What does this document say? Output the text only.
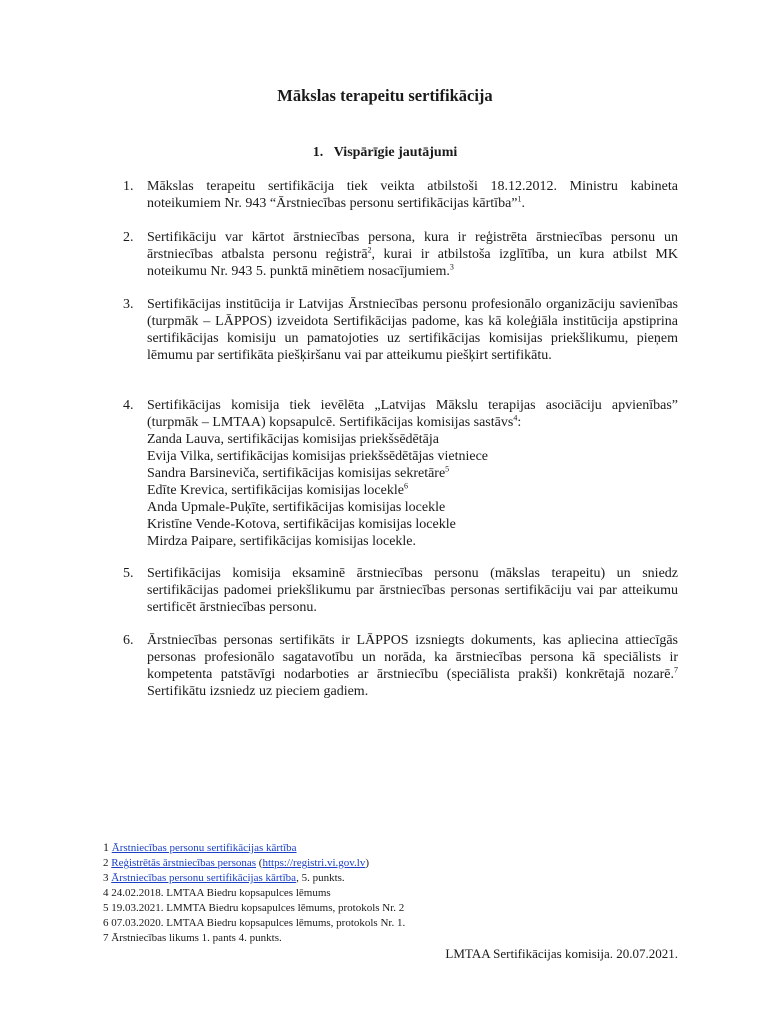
Mākslas terapeitu sertifikācija
1. Vispārīgie jautājumi
1. Mākslas terapeitu sertifikācija tiek veikta atbilstoši 18.12.2012. Ministru kabineta noteikumiem Nr. 943 “Ārstniecības personu sertifikācijas kārtība”$^1$.
2. Sertifikāciju var kārtot ārstniecības persona, kura ir reģistrēta ārstniecības personu un ārstniecības atbalsta personu reģistrā$^2$, kurai ir atbilstoša izglītība, un kura atbilst MK noteikumu Nr. 943 5. punktā minētiem nosacījumiem.$^3$
3. Sertifikācijas institūcija ir Latvijas Ārstniecības personu profesionālo organizāciju savienības (turpmāk – LĀPPOS) izveidota Sertifikācijas padome, kas kā koleģiāla institūcija apstiprina sertifikācijas komisiju un pamatojoties uz sertifikācijas komisijas priekšlikumu, pieņem lēmumu par sertifikāta piešķiršanu vai par atteikumu piešķirt sertifikātu.
4. Sertifikācijas komisija tiek ievēlēta „Latvijas Mākslu terapijas asociāciju apvienības” (turpmāk – LMTAA) kopsapulcē. Sertifikācijas komisijas sastāvs$^4$:
Zanda Lauva, sertifikācijas komisijas priekšsēdētāja
Evija Vilka, sertifikācijas komisijas priekšsēdētājas vietniece
Sandra Barsineviča, sertifikācijas komisijas sekretāre$^5$
Edīte Krevica, sertifikācijas komisijas locekle$^6$
Anda Upmale-Puķīte, sertifikācijas komisijas locekle
Kristīne Vende-Kotova, sertifikācijas komisijas locekle
Mirdza Paipare, sertifikācijas komisijas locekle.
5. Sertifikācijas komisija eksaminē ārstniecības personu (mākslas terapeitu) un sniedz sertifikācijas padomei priekšlikumu par ārstniecības personas sertifikāciju vai par atteikumu sertificēt ārstniecības personu.
6. Ārstniecības personas sertifikāts ir LĀPPOS izsniegts dokuments, kas apliecina attiecīgās personas profesionālo sagatavotību un norāda, ka ārstniecības persona kā speciālists ir kompetenta patstāvīgi nodarboties ar ārstniecību (speciālista prakši) konkrētajā nozarē.$^7$ Sertifikātu izsniedz uz pieciem gadiem.
1 Ārstniecības personu sertifikācijas kārtība
2 Reģistrētās ārstniecības personas (https://registri.vi.gov.lv)
3 Ārstniecības personu sertifikācijas kārtība, 5. punkts.
4 24.02.2018. LMTAA Biedru kopsapulces lēmums
5 19.03.2021. LMMTA Biedru kopsapulces lēmums, protokols Nr. 2
6 07.03.2020. LMTAA Biedru kopsapulces lēmums, protokols Nr. 1.
7 Ārstniecības likums 1. pants 4. punkts.
LMTAA Sertifikācijas komisija. 20.07.2021.
